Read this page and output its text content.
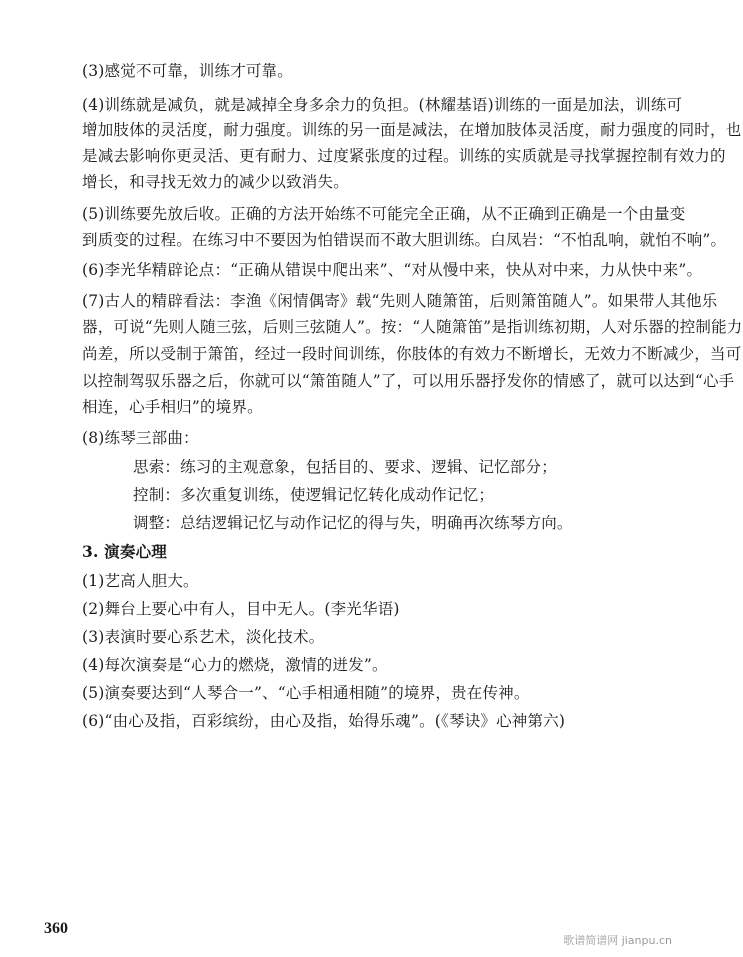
(3)感觉不可靠，训练才可靠。
(4)训练就是减负，就是减掉全身多余力的负担。(林耀基语)训练的一面是加法，训练可
增加肢体的灵活度，耐力强度。训练的另一面是减法，在增加肢体灵活度，耐力强度的同时，也
是减去影响你更灵活、更有耐力、过度紧张度的过程。训练的实质就是寻找掌握控制有效力的
增长，和寻找无效力的减少以致消失。
(5)训练要先放后收。正确的方法开始练不可能完全正确，从不正确到正确是一个由量变
到质变的过程。在练习中不要因为怕错误而不敢大胆训练。白凤岩：“不怕乱响，就怕不响”。
(6)李光华精辟论点：“正确从错误中爬出来”、“对从慢中来，快从对中来，力从快中来”。
(7)古人的精辟看法：李渔《闲情偶寄》载“先则人随箫笛，后则箫笛随人”。如果带人其他乐
器，可说“先则人随三弦，后则三弦随人”。按：“人随箫笛”是指训练初期，人对乐器的控制能力
尚差，所以受制于箫笛，经过一段时间训练，你肢体的有效力不断增长，无效力不断减少，当可
以控制驾驭乐器之后，你就可以“箫笛随人”了，可以用乐器抒发你的情感了，就可以达到“心手
相连，心手相归”的境界。
(8)练琴三部曲：
思索：练习的主观意象，包括目的、要求、逻辑、记忆部分；
控制：多次重复训练，使逻辑记忆转化成动作记忆；
调整：总结逻辑记忆与动作记忆的得与失，明确再次练琴方向。
3. 演奏心理
(1)艺高人胆大。
(2)舞台上要心中有人，目中无人。(李光华语)
(3)表演时要心系艺术，淡化技术。
(4)每次演奏是“心力的燃烧，激情的迸发”。
(5)演奏要达到“人琴合一”、“心手相通相随”的境界，贵在传神。
(6)“由心及指，百彩缤纷，由心及指，始得乐魂”。(《琴诀》心神第六)
360
歌谱简谱网 jianpu.cn
